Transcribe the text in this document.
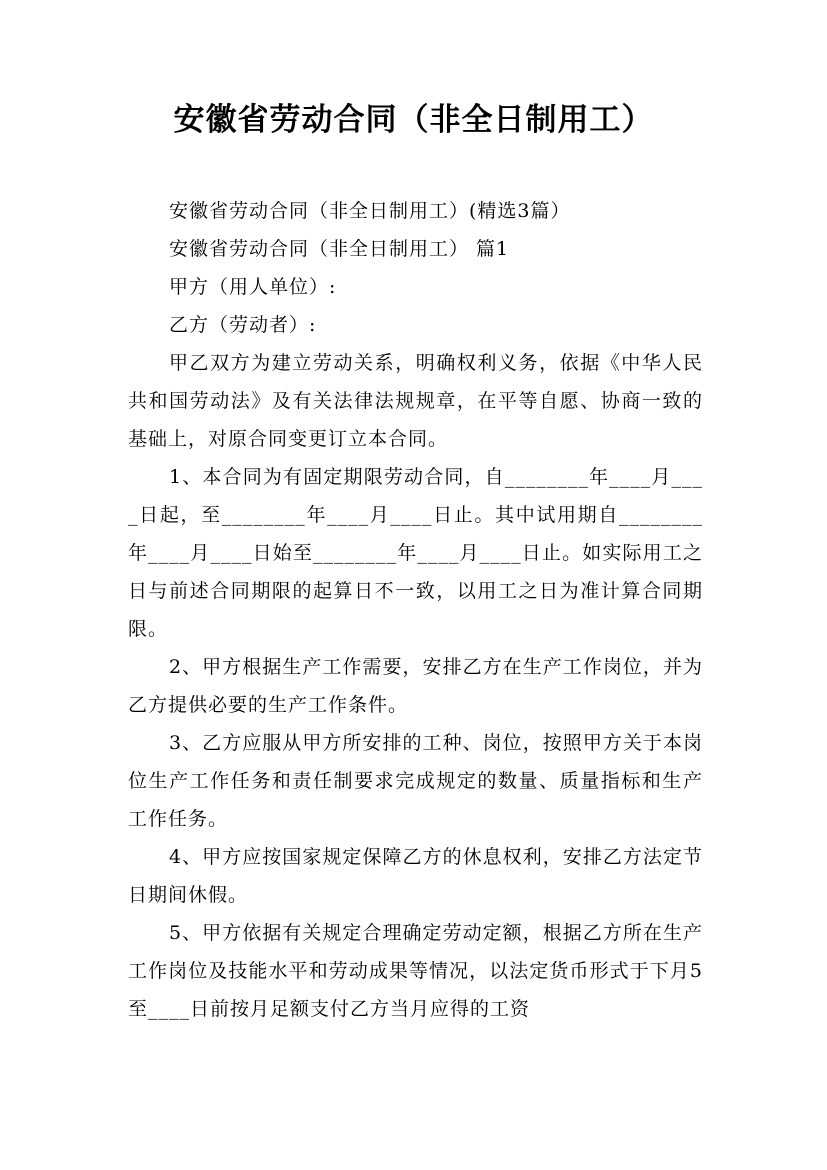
安徽省劳动合同（非全日制用工）

安徽省劳动合同（非全日制用工）(精选3篇）

安徽省劳动合同（非全日制用工） 篇1

甲方（用人单位）:

乙方（劳动者）:

甲乙双方为建立劳动关系，明确权利义务，依据《中华人民共和国劳动法》及有关法律法规规章，在平等自愿、协商一致的基础上，对原合同变更订立本合同。

1、本合同为有固定期限劳动合同，自________年____月____日起，至________年____月____日止。其中试用期自________年____月____日始至________年____月____日止。如实际用工之日与前述合同期限的起算日不一致，以用工之日为准计算合同期限。

2、甲方根据生产工作需要，安排乙方在生产工作岗位，并为乙方提供必要的生产工作条件。

3、乙方应服从甲方所安排的工种、岗位，按照甲方关于本岗位生产工作任务和责任制要求完成规定的数量、质量指标和生产工作任务。

4、甲方应按国家规定保障乙方的休息权利，安排乙方法定节日期间休假。

5、甲方依据有关规定合理确定劳动定额，根据乙方所在生产工作岗位及技能水平和劳动成果等情况，以法定货币形式于下月5至____日前按月足额支付乙方当月应得的工资
